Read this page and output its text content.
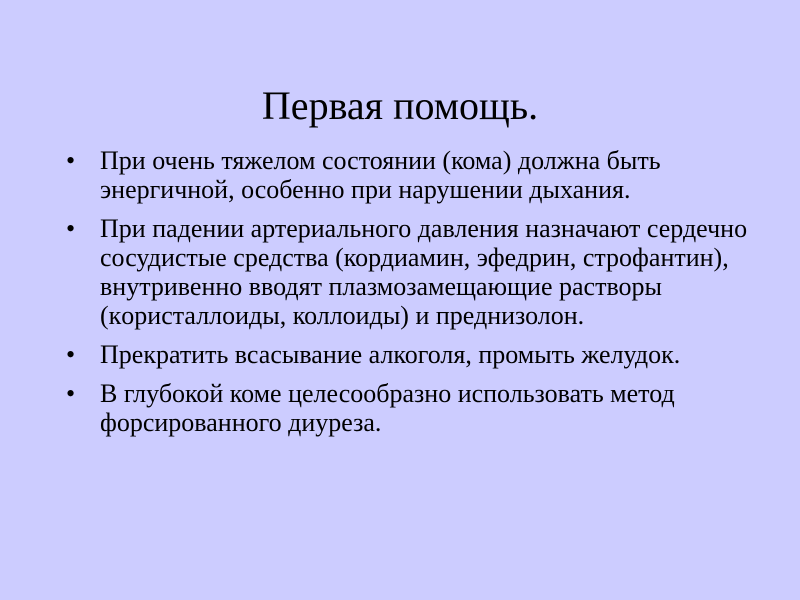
Первая помощь.
• При очень тяжелом состоянии (кома) должна быть энергичной, особенно при нарушении дыхания.
• При падении артериального давления назначают сердечно сосудистые средства (кордиамин, эфедрин, строфантин), внутривенно вводят плазмозамещающие растворы (кoристаллоиды, коллоиды) и преднизолон.
• Прекратить всасывание алкоголя, промыть желудок.
• В глубокой коме целесообразно использовать метод форсированного диуреза.
